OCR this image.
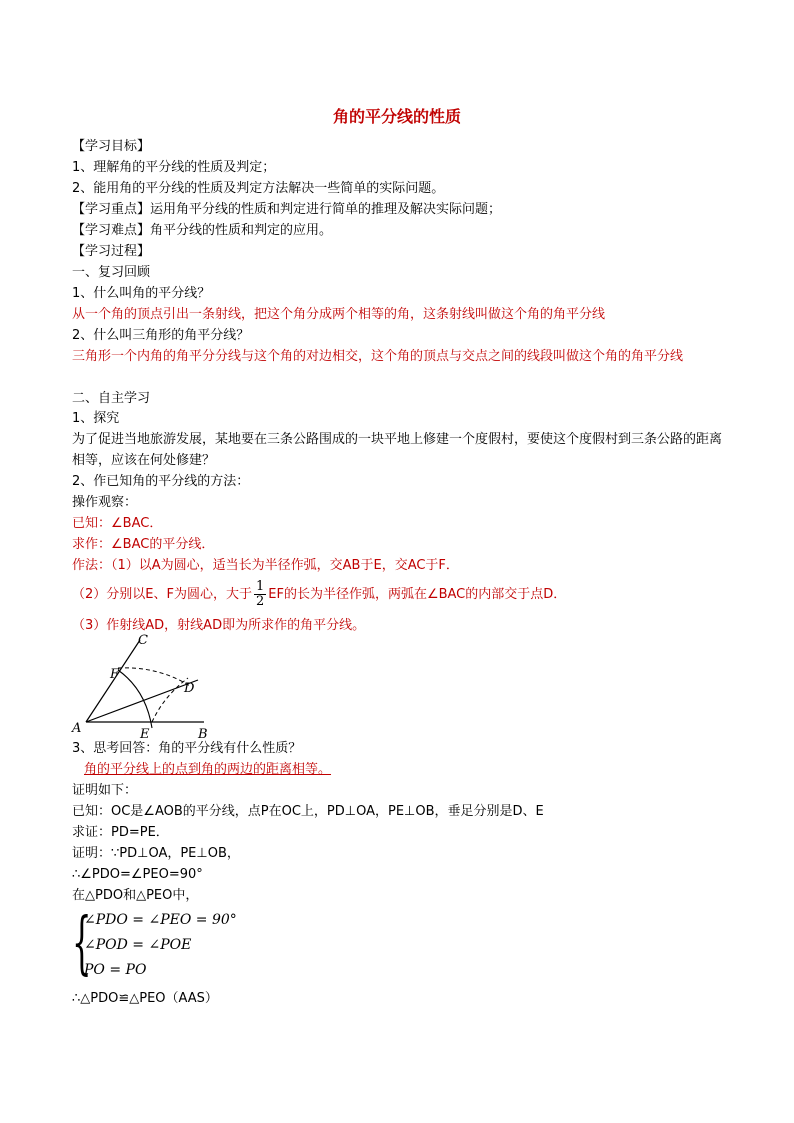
角的平分线的性质
【学习目标】
1、理解角的平分线的性质及判定；
2、能用角的平分线的性质及判定方法解决一些简单的实际问题。
【学习重点】运用角平分线的性质和判定进行简单的推理及解决实际问题；
【学习难点】角平分线的性质和判定的应用。
【学习过程】
一、复习回顾
1、什么叫角的平分线？
从一个角的顶点引出一条射线，把这个角分成两个相等的角，这条射线叫做这个角的角平分线
2、什么叫三角形的角平分线？
三角形一个内角的角平分分线与这个角的对边相交，这个角的顶点与交点之间的线段叫做这个角的角平分线
二、自主学习
1、探究
为了促进当地旅游发展，某地要在三条公路围成的一块平地上修建一个度假村，要使这个度假村到三条公路的距离相等，应该在何处修建？
2、作已知角的平分线的方法：
操作观察：
已知：∠BAC．
求作：∠BAC的平分线．
作法：（1）以A为圆心，适当长为半径作弧，交AB于E，交AC于F．
（2）分别以E、F为圆心，大于 $\frac{1}{2}$ EF的长为半径作弧，两弧在∠BAC的内部交于点D．
（3）作射线AD，射线AD即为所求作的角平分线。
A	B
C
D
E
F
3、思考回答：角的平分线有什么性质？
角的平分线上的点到角的两边的距离相等。
证明如下：
已知：OC是∠AOB的平分线，点P在OC上，PD⊥OA，PE⊥OB，垂足分别是D、E
求证：PD=PE．
证明：∵PD⊥OA，PE⊥OB，
∴∠PDO=∠PEO=90°
在△PDO和△PEO中，
{
∠PDO = ∠PEO = 90°
∠POD = ∠POE
PO = PO
∴△PDO≌△PEO（AAS）
